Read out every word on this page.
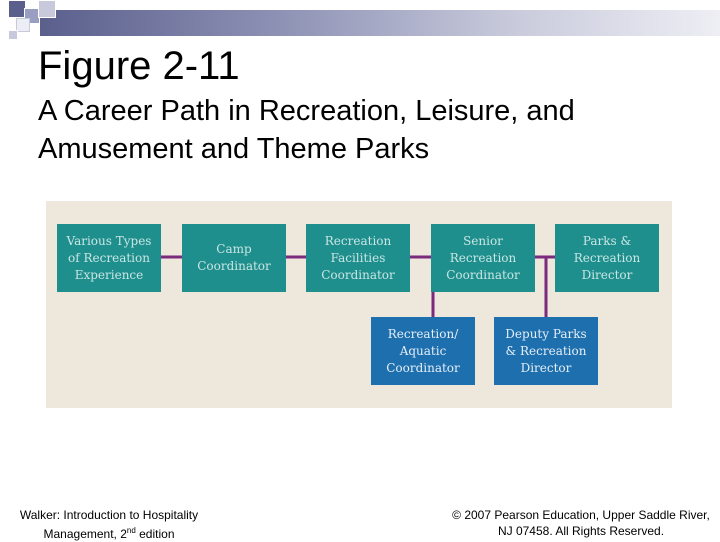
Figure 2-11
A Career Path in Recreation, Leisure, and
Amusement and Theme Parks
Various Types
of Recreation
Experience
Camp
Coordinator
Recreation
Facilities
Coordinator
Senior
Recreation
Coordinator
Parks &
Recreation
Director
Recreation/
Aquatic
Coordinator
Deputy Parks
& Recreation
Director
Walker: Introduction to Hospitality
Management, 2nd edition
© 2007 Pearson Education, Upper Saddle River,
NJ 07458. All Rights Reserved.
